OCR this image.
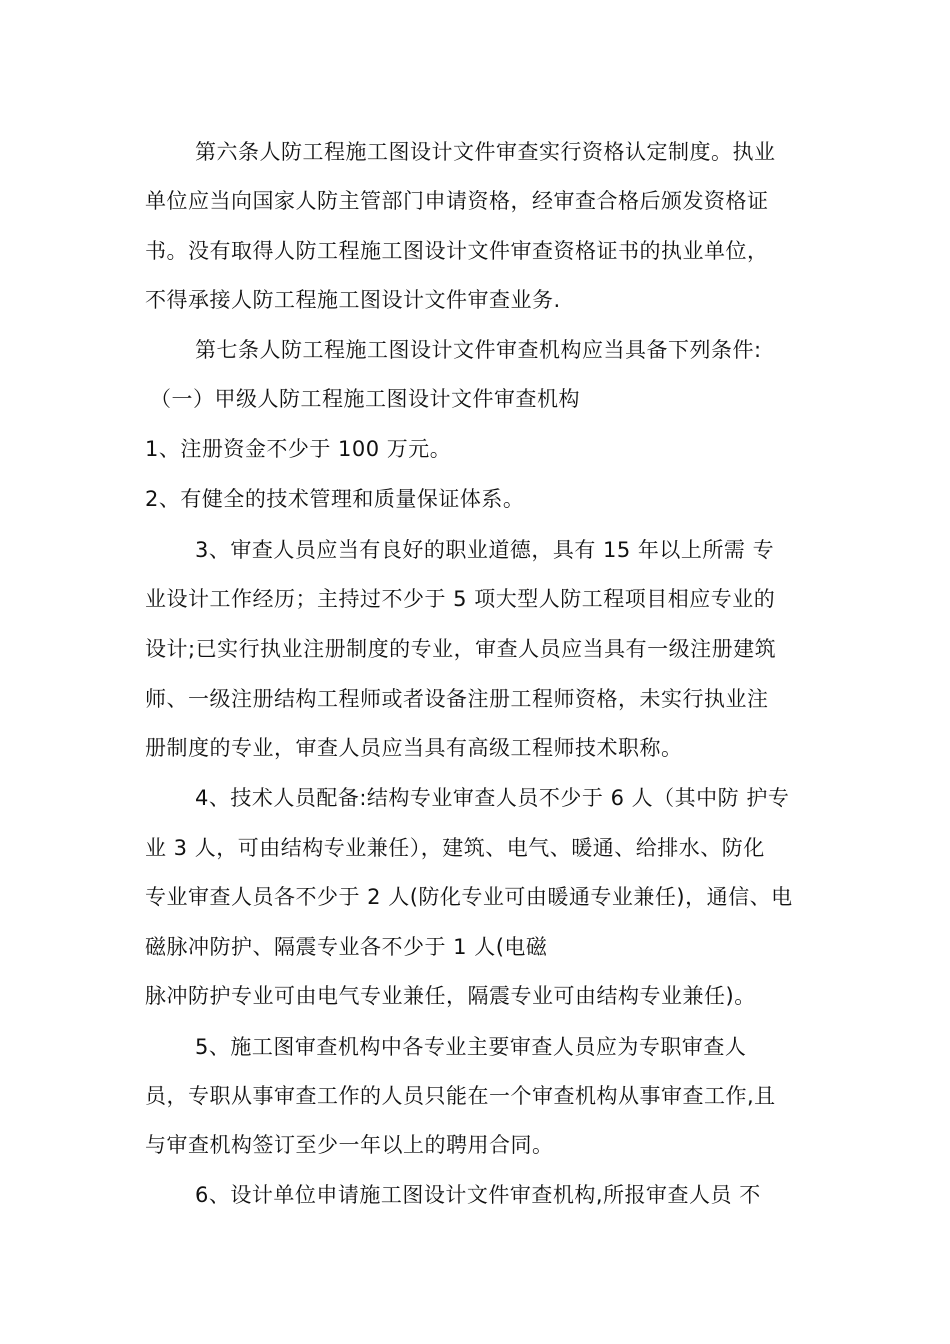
第六条人防工程施工图设计文件审查实行资格认定制度。执业
单位应当向国家人防主管部门申请资格，经审查合格后颁发资格证
书。没有取得人防工程施工图设计文件审查资格证书的执业单位，
不得承接人防工程施工图设计文件审查业务.
第七条人防工程施工图设计文件审查机构应当具备下列条件:
（一）甲级人防工程施工图设计文件审查机构
1、注册资金不少于 100 万元。
2、有健全的技术管理和质量保证体系。
3、审查人员应当有良好的职业道德，具有 15 年以上所需 专
业设计工作经历；主持过不少于 5 项大型人防工程项目相应专业的
设计;已实行执业注册制度的专业，审查人员应当具有一级注册建筑
师、一级注册结构工程师或者设备注册工程师资格，未实行执业注
册制度的专业，审查人员应当具有高级工程师技术职称。
4、技术人员配备:结构专业审查人员不少于 6 人（其中防 护专
业 3 人，可由结构专业兼任），建筑、电气、暖通、给排水、防化
专业审查人员各不少于 2 人(防化专业可由暖通专业兼任)，通信、电
磁脉冲防护、隔震专业各不少于 1 人(电磁
脉冲防护专业可由电气专业兼任，隔震专业可由结构专业兼任)。
5、施工图审查机构中各专业主要审查人员应为专职审查人
员，专职从事审查工作的人员只能在一个审查机构从事审查工作,且
与审查机构签订至少一年以上的聘用合同。
6、设计单位申请施工图设计文件审查机构,所报审查人员 不
